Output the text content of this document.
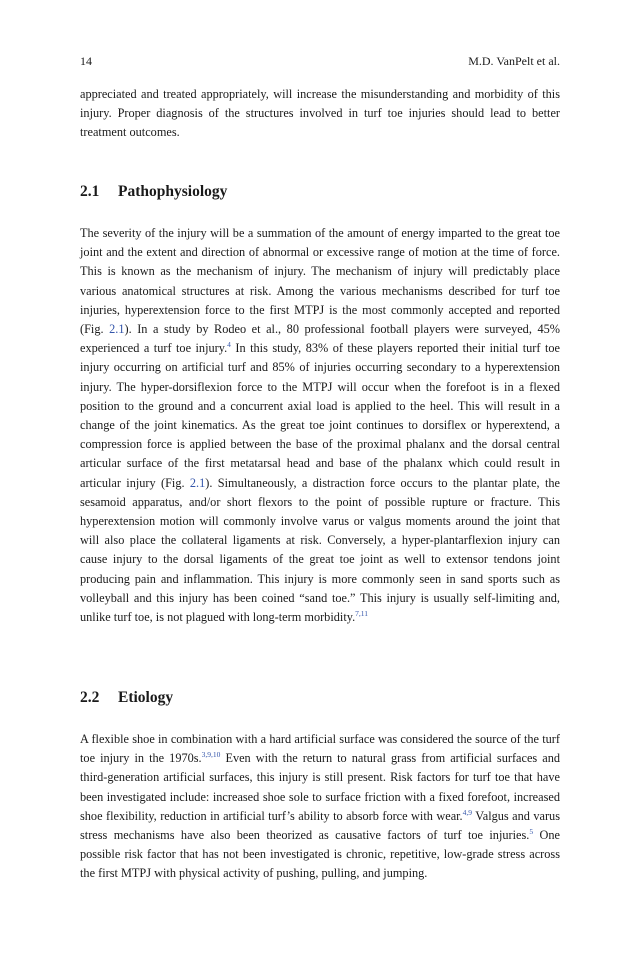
14	M.D. VanPelt et al.

appreciated and treated appropriately, will increase the misunderstanding and morbidity of this injury. Proper diagnosis of the structures involved in turf toe injuries should lead to better treatment outcomes.

2.1 Pathophysiology

The severity of the injury will be a summation of the amount of energy imparted to the great toe joint and the extent and direction of abnormal or excessive range of motion at the time of force. This is known as the mechanism of injury. The mechanism of injury will predictably place various anatomical structures at risk. Among the various mechanisms described for turf toe injuries, hyperextension force to the first MTPJ is the most commonly accepted and reported (Fig. 2.1). In a study by Rodeo et al., 80 professional football players were surveyed, 45% experienced a turf toe injury.$^4$ In this study, 83% of these players reported their initial turf toe injury occurring on artificial turf and 85% of injuries occurring secondary to a hyperextension injury. The hyper-dorsiflexion force to the MTPJ will occur when the forefoot is in a flexed position to the ground and a concurrent axial load is applied to the heel. This will result in a change of the joint kinematics. As the great toe joint continues to dorsiflex or hyperextend, a compression force is applied between the base of the proximal phalanx and the dorsal central articular surface of the first metatarsal head and base of the phalanx which could result in articular injury (Fig. 2.1). Simultaneously, a distraction force occurs to the plantar plate, the sesamoid apparatus, and/or short flexors to the point of possible rupture or fracture. This hyperextension motion will commonly involve varus or valgus moments around the joint that will also place the collateral ligaments at risk. Conversely, a hyper-plantarflexion injury can cause injury to the dorsal ligaments of the great toe joint as well to extensor tendons joint producing pain and inflammation. This injury is more commonly seen in sand sports such as volleyball and this injury has been coined “sand toe.” This injury is usually self-limiting and, unlike turf toe, is not plagued with long-term morbidity.$^{7,11}$

2.2 Etiology

A flexible shoe in combination with a hard artificial surface was considered the source of the turf toe injury in the 1970s.$^{3,9,10}$ Even with the return to natural grass from artificial surfaces and third-generation artificial surfaces, this injury is still present. Risk factors for turf toe that have been investigated include: increased shoe sole to surface friction with a fixed forefoot, increased shoe flexibility, reduction in artificial turf’s ability to absorb force with wear.$^{4,9}$ Valgus and varus stress mechanisms have also been theorized as causative factors of turf toe injuries.$^5$ One possible risk factor that has not been investigated is chronic, repetitive, low-grade stress across the first MTPJ with physical activity of pushing, pulling, and jumping.
